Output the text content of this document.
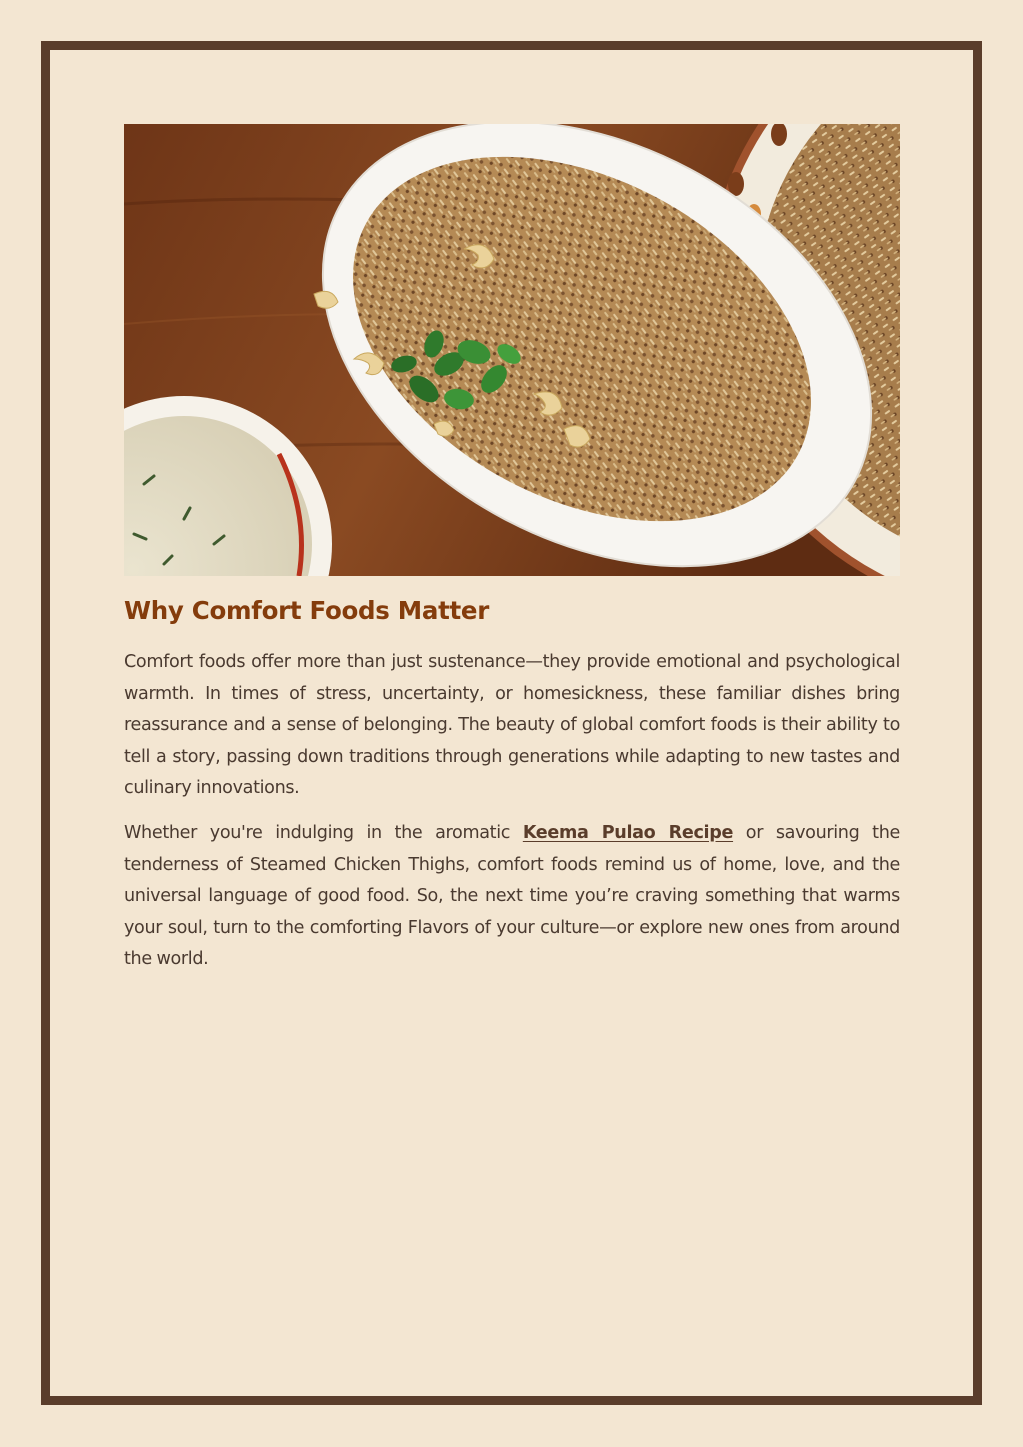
Why Comfort Foods Matter

Comfort foods offer more than just sustenance—they provide emotional and psychological warmth. In times of stress, uncertainty, or homesickness, these familiar dishes bring reassurance and a sense of belonging. The beauty of global comfort foods is their ability to tell a story, passing down traditions through generations while adapting to new tastes and culinary innovations.

Whether you're indulging in the aromatic Keema Pulao Recipe or savouring the tenderness of Steamed Chicken Thighs, comfort foods remind us of home, love, and the universal language of good food. So, the next time you’re craving something that warms your soul, turn to the comforting Flavors of your culture—or explore new ones from around the world.
